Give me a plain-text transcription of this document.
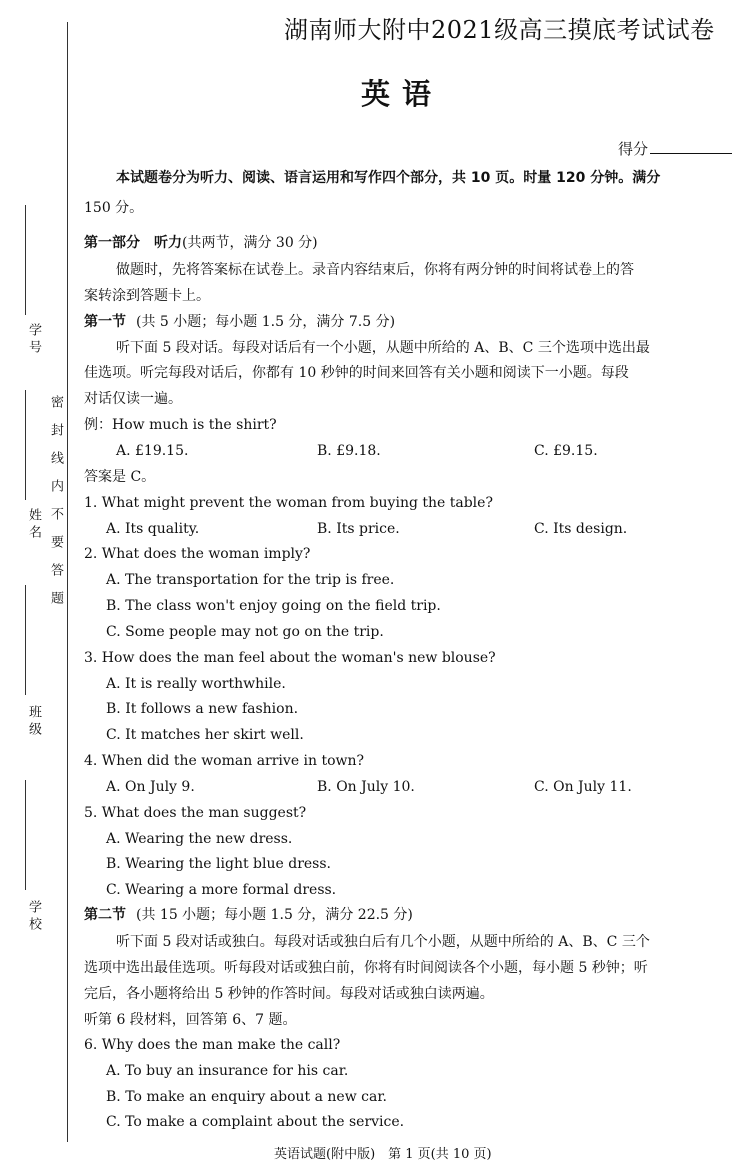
学号
姓名
班级
学校
密封线内不要答题
湖南师大附中2021级高三摸底考试试卷
英语
得分
本试题卷分为听力、阅读、语言运用和写作四个部分，共 10 页。时量 120 分钟。满分
150 分。
第一部分　听力(共两节，满分 30 分)
做题时，先将答案标在试卷上。录音内容结束后，你将有两分钟的时间将试卷上的答
案转涂到答题卡上。
第一节 (共 5 小题；每小题 1.5 分，满分 7.5 分)
听下面 5 段对话。每段对话后有一个小题，从题中所给的 A、B、C 三个选项中选出最
佳选项。听完每段对话后，你都有 10 秒钟的时间来回答有关小题和阅读下一小题。每段
对话仅读一遍。
例：How much is the shirt?
A. £19.15.	B. £9.18.	C. £9.15.
答案是 C。
1. What might prevent the woman from buying the table?
A. Its quality.	B. Its price.	C. Its design.
2. What does the woman imply?
A. The transportation for the trip is free.
B. The class won't enjoy going on the field trip.
C. Some people may not go on the trip.
3. How does the man feel about the woman's new blouse?
A. It is really worthwhile.
B. It follows a new fashion.
C. It matches her skirt well.
4. When did the woman arrive in town?
A. On July 9.	B. On July 10.	C. On July 11.
5. What does the man suggest?
A. Wearing the new dress.
B. Wearing the light blue dress.
C. Wearing a more formal dress.
第二节 (共 15 小题；每小题 1.5 分，满分 22.5 分)
听下面 5 段对话或独白。每段对话或独白后有几个小题，从题中所给的 A、B、C 三个
选项中选出最佳选项。听每段对话或独白前，你将有时间阅读各个小题，每小题 5 秒钟；听
完后，各小题将给出 5 秒钟的作答时间。每段对话或独白读两遍。
听第 6 段材料，回答第 6、7 题。
6. Why does the man make the call?
A. To buy an insurance for his car.
B. To make an enquiry about a new car.
C. To make a complaint about the service.
英语试题(附中版)　第 1 页(共 10 页)
